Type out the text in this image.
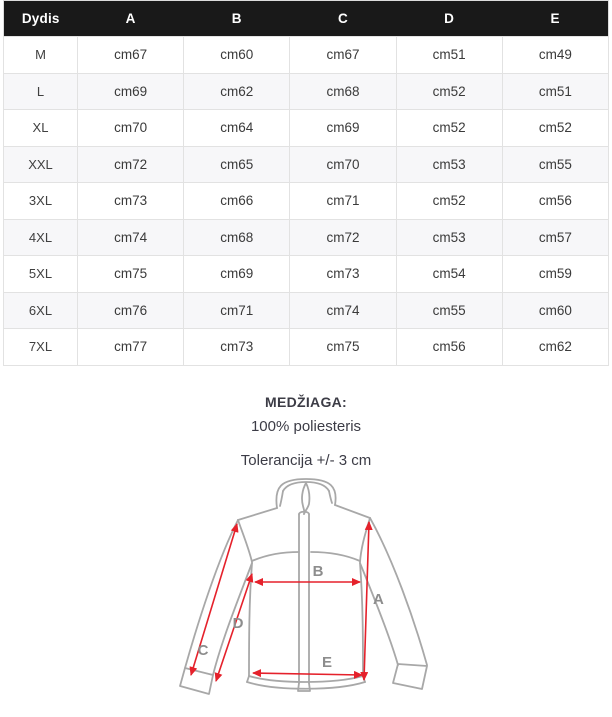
Dydis	A	B	C	D	E
M	cm67	cm60	cm67	cm51	cm49
L	cm69	cm62	cm68	cm52	cm51
XL	cm70	cm64	cm69	cm52	cm52
XXL	cm72	cm65	cm70	cm53	cm55
3XL	cm73	cm66	cm71	cm52	cm56
4XL	cm74	cm68	cm72	cm53	cm57
5XL	cm75	cm69	cm73	cm54	cm59
6XL	cm76	cm71	cm74	cm55	cm60
7XL	cm77	cm73	cm75	cm56	cm62

MEDŽIAGA:

100% poliesteris

Tolerancija +/- 3 cm

A
B
C
D
E
